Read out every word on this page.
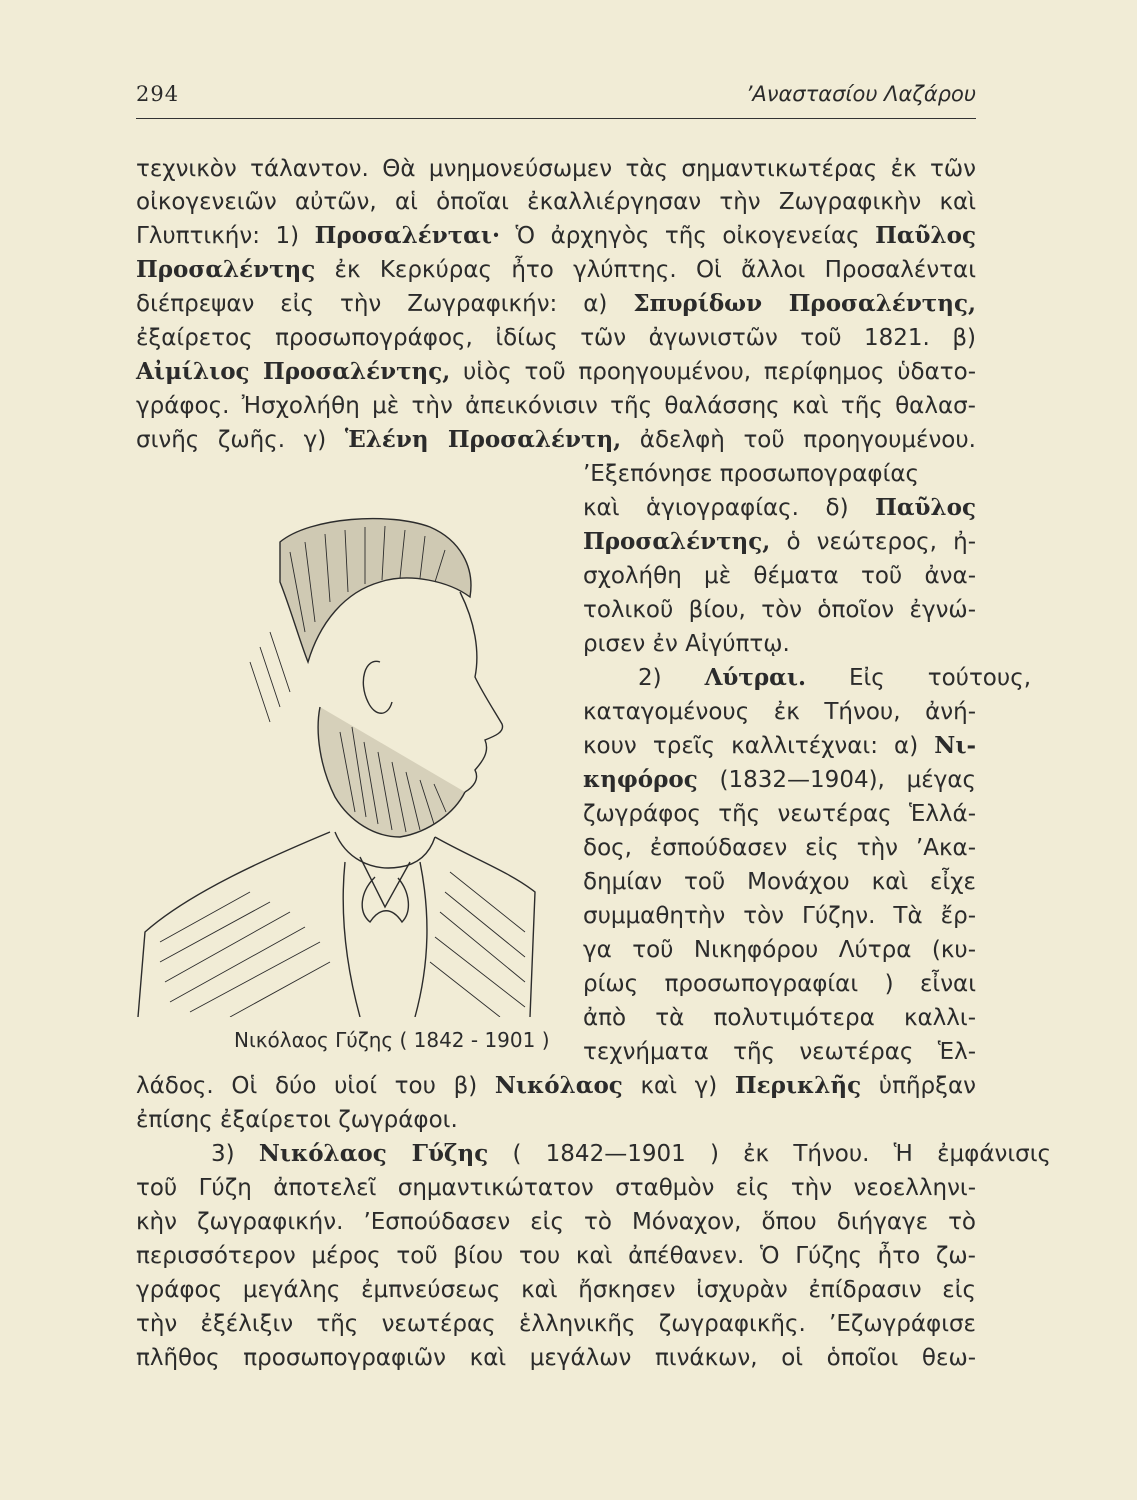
294	’Αναστασίου Λαζάρου
τεχνικὸν τάλαντον. Θὰ μνημονεύσωμεν τὰς σημαντικωτέρας ἐκ τῶν
οἰκογενειῶν αὐτῶν, αἱ ὁποῖαι ἐκαλλιέργησαν τὴν Ζωγραφικὴν καὶ
Γλυπτικήν: 1) Προσαλένται· Ὁ ἀρχηγὸς τῆς οἰκογενείας Παῦλος
Προσαλέντης ἐκ Κερκύρας ἦτο γλύπτης. Οἱ ἄλλοι Προσαλένται
διέπρεψαν εἰς τὴν Ζωγραφικήν: α) Σπυρίδων Προσαλέντης,
ἐξαίρετος προσωπογράφος, ἰδίως τῶν ἀγωνιστῶν τοῦ 1821. β)
Αἰμίλιος Προσαλέντης, υἱὸς τοῦ προηγουμένου, περίφημος ὑδατο-
γράφος. Ἠσχολήθη μὲ τὴν ἀπεικόνισιν τῆς θαλάσσης καὶ τῆς θαλασ-
σινῆς ζωῆς. γ) Ἑλένη Προσαλέντη, ἀδελφὴ τοῦ προηγουμένου.
’Εξεπόνησε προσωπογραφίας
καὶ ἁγιογραφίας. δ) Παῦλος
Προσαλέντης, ὁ νεώτερος, ἠ-
σχολήθη μὲ θέματα τοῦ ἀνα-
τολικοῦ βίου, τὸν ὁποῖον ἐγνώ-
ρισεν ἐν Αἰγύπτῳ.
2) Λύτραι. Εἰς τούτους,
καταγομένους ἐκ Τήνου, ἀνή-
κουν τρεῖς καλλιτέχναι: α) Νι-
κηφόρος (1832—1904), μέγας
ζωγράφος τῆς νεωτέρας Ἑλλά-
δος, ἐσπούδασεν εἰς τὴν ’Ακα-
δημίαν τοῦ Μονάχου καὶ εἶχε
συμμαθητὴν τὸν Γύζην. Τὰ ἔρ-
γα τοῦ Νικηφόρου Λύτρα (κυ-
ρίως προσωπογραφίαι ) εἶναι
ἀπὸ τὰ πολυτιμότερα καλλι-
τεχνήματα τῆς νεωτέρας Ἑλ-
λάδος. Οἱ δύο υἱοί του β) Νικόλαος καὶ γ) Περικλῆς ὑπῆρξαν
ἐπίσης ἐξαίρετοι ζωγράφοι.
3) Νικόλαος Γύζης ( 1842—1901 ) ἐκ Τήνου. Ἡ ἐμφάνισις
τοῦ Γύζη ἀποτελεῖ σημαντικώτατον σταθμὸν εἰς τὴν νεοελληνι-
κὴν ζωγραφικήν. ’Εσπούδασεν εἰς τὸ Μόναχον, ὅπου διήγαγε τὸ
περισσότερον μέρος τοῦ βίου του καὶ ἀπέθανεν. Ὁ Γύζης ἦτο ζω-
γράφος μεγάλης ἐμπνεύσεως καὶ ἤσκησεν ἰσχυρὰν ἐπίδρασιν εἰς
τὴν ἐξέλιξιν τῆς νεωτέρας ἑλληνικῆς ζωγραφικῆς. ’Εζωγράφισε
πλῆθος προσωπογραφιῶν καὶ μεγάλων πινάκων, οἱ ὁποῖοι θεω-
Νικόλαος Γύζης ( 1842 - 1901 )
